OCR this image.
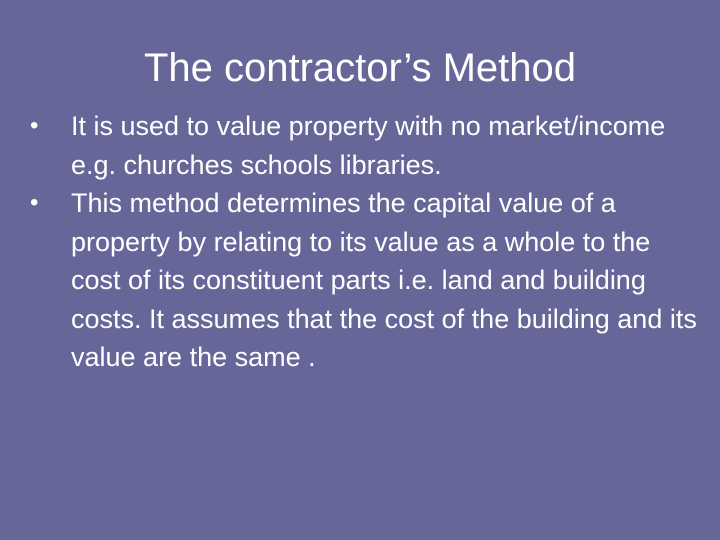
The contractor’s Method
•	It is used to value property with no market/income e.g. churches schools libraries.
•	This method determines the capital value of a property by relating to its value as a whole to the cost of its constituent parts i.e. land and building costs. It assumes that the cost of the building and its value are the same .
